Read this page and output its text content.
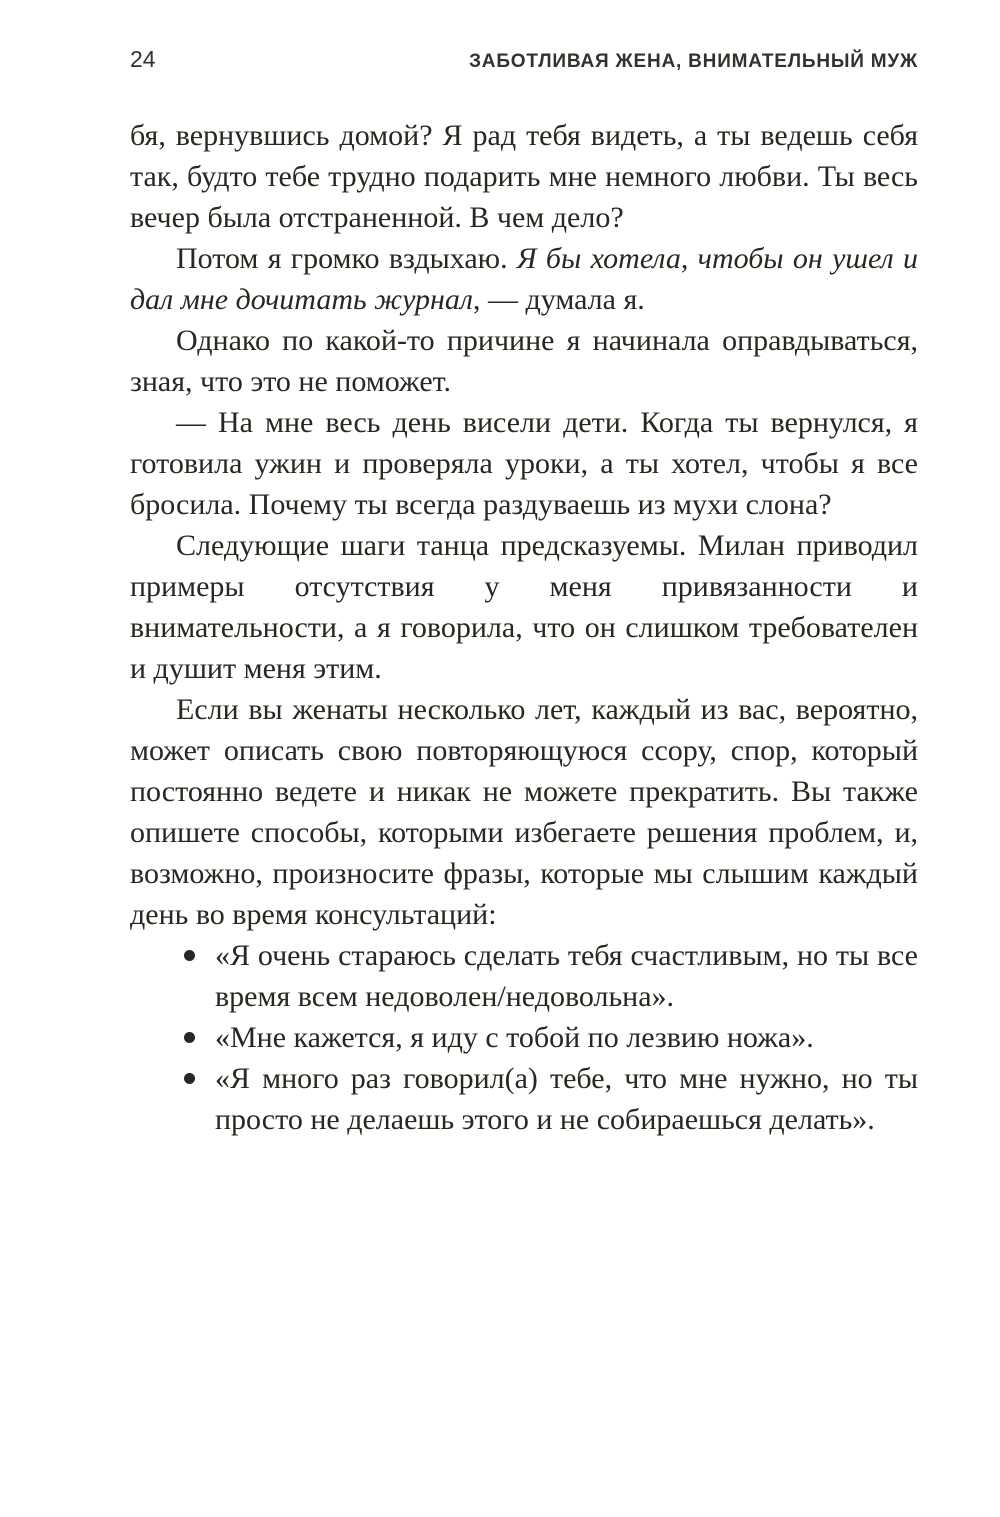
24	ЗАБОТЛИВАЯ ЖЕНА, ВНИМАТЕЛЬНЫЙ МУЖ

бя, вернувшись домой? Я рад тебя видеть, а ты ведешь себя так, будто тебе трудно подарить мне немного любви. Ты весь вечер была отстраненной. В чем дело?

Потом я громко вздыхаю. Я бы хотела, чтобы он ушел и дал мне дочитать журнал, — думала я.

Однако по какой-то причине я начинала оправдываться, зная, что это не поможет.

— На мне весь день висели дети. Когда ты вернулся, я готовила ужин и проверяла уроки, а ты хотел, чтобы я все бросила. Почему ты всегда раздуваешь из мухи слона?

Следующие шаги танца предсказуемы. Милан приводил примеры отсутствия у меня привязанности и внимательности, а я говорила, что он слишком требователен и душит меня этим.

Если вы женаты несколько лет, каждый из вас, вероятно, может описать свою повторяющуюся ссору, спор, который постоянно ведете и никак не можете прекратить. Вы также опишете способы, которыми избегаете решения проблем, и, возможно, произносите фразы, которые мы слышим каждый день во время консультаций:

«Я очень стараюсь сделать тебя счастливым, но ты все время всем недоволен/недовольна».
«Мне кажется, я иду с тобой по лезвию ножа».
«Я много раз говорил(а) тебе, что мне нужно, но ты просто не делаешь этого и не собираешься делать».
